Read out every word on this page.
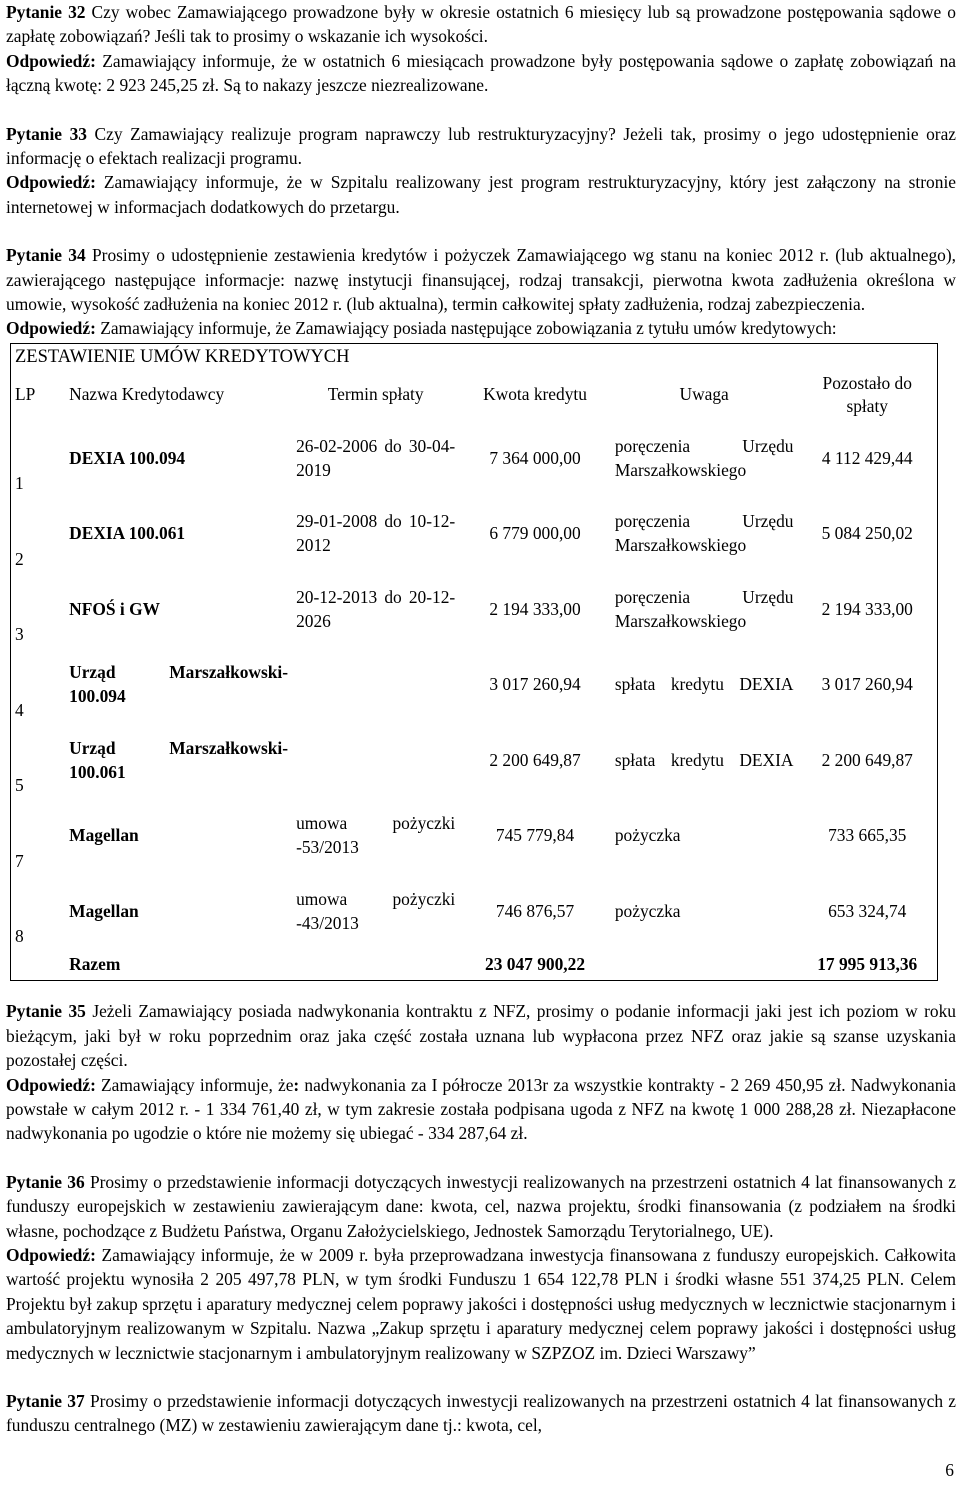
Pytanie 32 Czy wobec Zamawiającego prowadzone były w okresie ostatnich 6 miesięcy lub są prowadzone postępowania sądowe o zapłatę zobowiązań? Jeśli tak to prosimy o wskazanie ich wysokości.

Odpowiedź: Zamawiający informuje, że w ostatnich 6 miesiącach prowadzone były postępowania sądowe o zapłatę zobowiązań na łączną kwotę: 2 923 245,25 zł. Są to nakazy jeszcze niezrealizowane.

Pytanie 33 Czy Zamawiający realizuje program naprawczy lub restrukturyzacyjny? Jeżeli tak, prosimy o jego udostępnienie oraz informację o efektach realizacji programu.

Odpowiedź: Zamawiający informuje, że w Szpitalu realizowany jest program restrukturyzacyjny, który jest załączony na stronie internetowej w informacjach dodatkowych do przetargu.

Pytanie 34 Prosimy o udostępnienie zestawienia kredytów i pożyczek Zamawiającego wg stanu na koniec 2012 r. (lub aktualnego), zawierającego następujące informacje: nazwę instytucji finansującej, rodzaj transakcji, pierwotna kwota zadłużenia określona w umowie, wysokość zadłużenia na koniec 2012 r. (lub aktualna), termin całkowitej spłaty zadłużenia, rodzaj zabezpieczenia.

Odpowiedź: Zamawiający informuje, że Zamawiający posiada następujące zobowiązania z tytułu umów kredytowych:

ZESTAWIENIE UMÓW KREDYTOWYCH					
LP	Nazwa Kredytodawcy	Termin spłaty	Kwota kredytu	Uwaga	Pozostało do spłaty
1	DEXIA 100.094	26-02-2006 do 30-04-2019	7 364 000,00	poręczenia Urzędu Marszałkowskiego	4 112 429,44
2	DEXIA 100.061	29-01-2008 do 10-12-2012	6 779 000,00	poręczenia Urzędu Marszałkowskiego	5 084 250,02
3	NFOŚ i GW	20-12-2013 do 20-12-2026	2 194 333,00	poręczenia Urzędu Marszałkowskiego	2 194 333,00
4	Urząd Marszałkowski-100.094		3 017 260,94	spłata kredytu DEXIA	3 017 260,94
5	Urząd Marszałkowski-100.061		2 200 649,87	spłata kredytu DEXIA	2 200 649,87
7	Magellan	umowa pożyczki -53/2013	745 779,84	pożyczka	733 665,35
8	Magellan	umowa pożyczki -43/2013	746 876,57	pożyczka	653 324,74
	Razem		23 047 900,22		17 995 913,36

Pytanie 35 Jeżeli Zamawiający posiada nadwykonania kontraktu z NFZ, prosimy o podanie informacji jaki jest ich poziom w roku bieżącym, jaki był w roku poprzednim oraz jaka część została uznana lub wypłacona przez NFZ oraz jakie są szanse uzyskania pozostałej części.

Odpowiedź: Zamawiający informuje, że: nadwykonania za I półrocze 2013r za wszystkie kontrakty - 2 269 450,95 zł. Nadwykonania powstałe w całym 2012 r. - 1 334 761,40 zł, w tym zakresie została podpisana ugoda z NFZ na kwotę 1 000 288,28 zł. Niezapłacone nadwykonania po ugodzie o które nie możemy się ubiegać - 334 287,64 zł.

Pytanie 36 Prosimy o przedstawienie informacji dotyczących inwestycji realizowanych na przestrzeni ostatnich 4 lat finansowanych z funduszy europejskich w zestawieniu zawierającym dane: kwota, cel, nazwa projektu, środki finansowania (z podziałem na środki własne, pochodzące z Budżetu Państwa, Organu Założycielskiego, Jednostek Samorządu Terytorialnego, UE).

Odpowiedź: Zamawiający informuje, że w 2009 r. była przeprowadzana inwestycja finansowana z funduszy europejskich. Całkowita wartość projektu wynosiła 2 205 497,78 PLN, w tym środki Funduszu 1 654 122,78 PLN i środki własne 551 374,25 PLN. Celem Projektu był zakup sprzętu i aparatury medycznej celem poprawy jakości i dostępności usług medycznych w lecznictwie stacjonarnym i ambulatoryjnym realizowanym w Szpitalu. Nazwa „Zakup sprzętu i aparatury medycznej celem poprawy jakości i dostępności usług medycznych w lecznictwie stacjonarnym i ambulatoryjnym realizowany w SZPZOZ im. Dzieci Warszawy”

Pytanie 37 Prosimy o przedstawienie informacji dotyczących inwestycji realizowanych na przestrzeni ostatnich 4 lat finansowanych z funduszu centralnego (MZ) w zestawieniu zawierającym dane tj.: kwota, cel,

6
